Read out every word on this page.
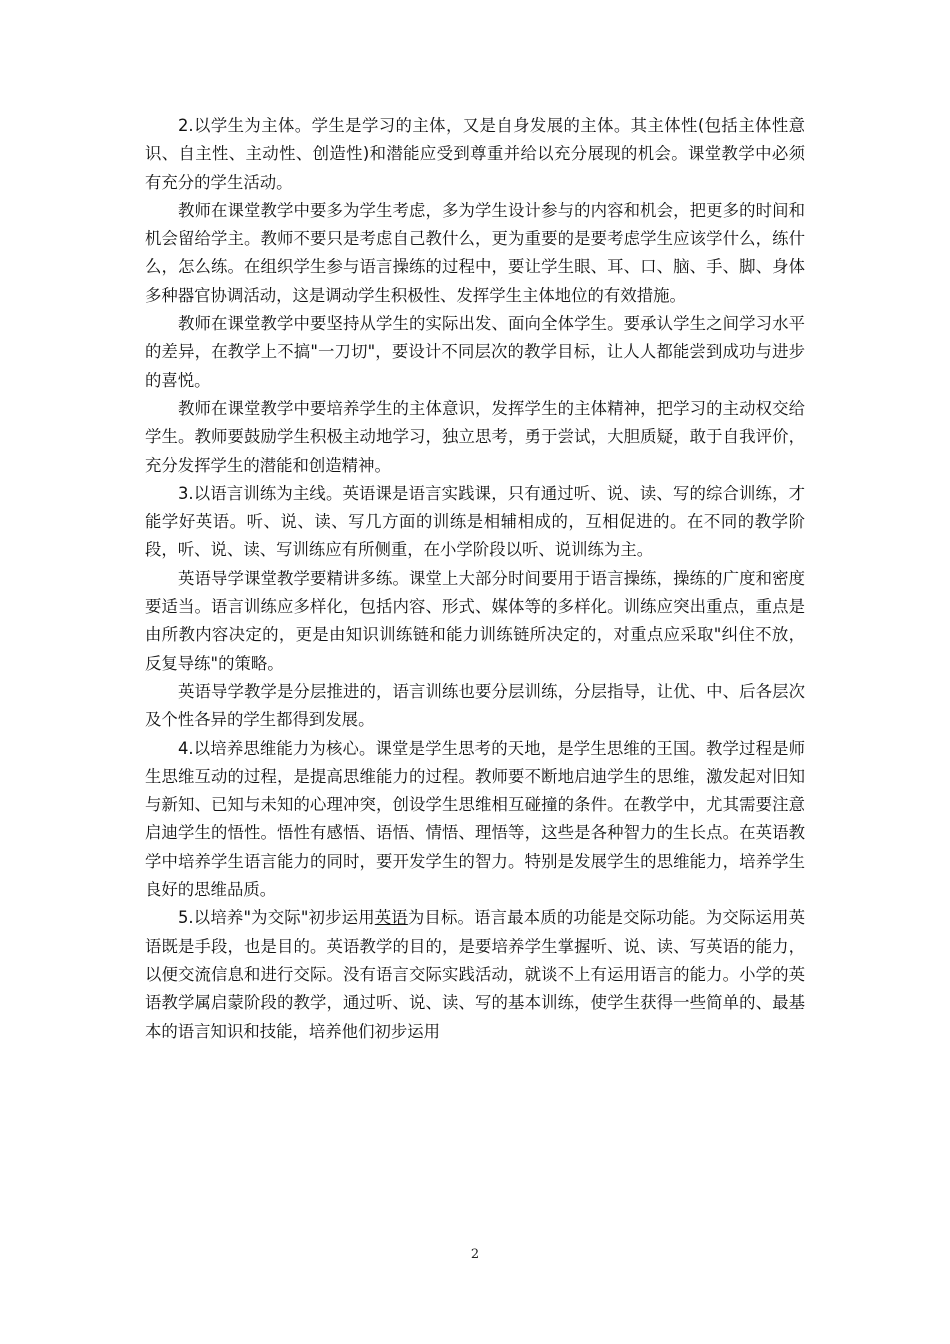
2.以学生为主体。学生是学习的主体，又是自身发展的主体。其主体性(包括主体性意识、自主性、主动性、创造性)和潜能应受到尊重并给以充分展现的机会。课堂教学中必须有充分的学生活动。

教师在课堂教学中要多为学生考虑，多为学生设计参与的内容和机会，把更多的时间和机会留给学主。教师不要只是考虑自己教什么，更为重要的是要考虑学生应该学什么，练什么，怎么练。在组织学生参与语言操练的过程中，要让学生眼、耳、口、脑、手、脚、身体多种器官协调活动，这是调动学生积极性、发挥学生主体地位的有效措施。

教师在课堂教学中要坚持从学生的实际出发、面向全体学生。要承认学生之间学习水平的差异，在教学上不搞"一刀切"，要设计不同层次的教学目标，让人人都能尝到成功与进步的喜悦。

教师在课堂教学中要培养学生的主体意识，发挥学生的主体精神，把学习的主动权交给学生。教师要鼓励学生积极主动地学习，独立思考，勇于尝试，大胆质疑，敢于自我评价，充分发挥学生的潜能和创造精神。

3.以语言训练为主线。英语课是语言实践课，只有通过听、说、读、写的综合训练，才能学好英语。听、说、读、写几方面的训练是相辅相成的，互相促进的。在不同的教学阶段，听、说、读、写训练应有所侧重，在小学阶段以听、说训练为主。

英语导学课堂教学要精讲多练。课堂上大部分时间要用于语言操练，操练的广度和密度要适当。语言训练应多样化，包括内容、形式、媒体等的多样化。训练应突出重点，重点是由所教内容决定的，更是由知识训练链和能力训练链所决定的，对重点应采取"纠住不放，反复导练"的策略。

英语导学教学是分层推进的，语言训练也要分层训练，分层指导，让优、中、后各层次及个性各异的学生都得到发展。

4.以培养思维能力为核心。课堂是学生思考的天地，是学生思维的王国。教学过程是师生思维互动的过程，是提高思维能力的过程。教师要不断地启迪学生的思维，激发起对旧知与新知、已知与未知的心理冲突，创设学生思维相互碰撞的条件。在教学中，尤其需要注意启迪学生的悟性。悟性有感悟、语悟、情悟、理悟等，这些是各种智力的生长点。在英语教学中培养学生语言能力的同时，要开发学生的智力。特别是发展学生的思维能力，培养学生良好的思维品质。

5.以培养"为交际"初步运用英语为目标。语言最本质的功能是交际功能。为交际运用英语既是手段，也是目的。英语教学的目的，是要培养学生掌握听、说、读、写英语的能力，以便交流信息和进行交际。没有语言交际实践活动，就谈不上有运用语言的能力。小学的英语教学属启蒙阶段的教学，通过听、说、读、写的基本训练，使学生获得一些简单的、最基本的语言知识和技能，培养他们初步运用

2
